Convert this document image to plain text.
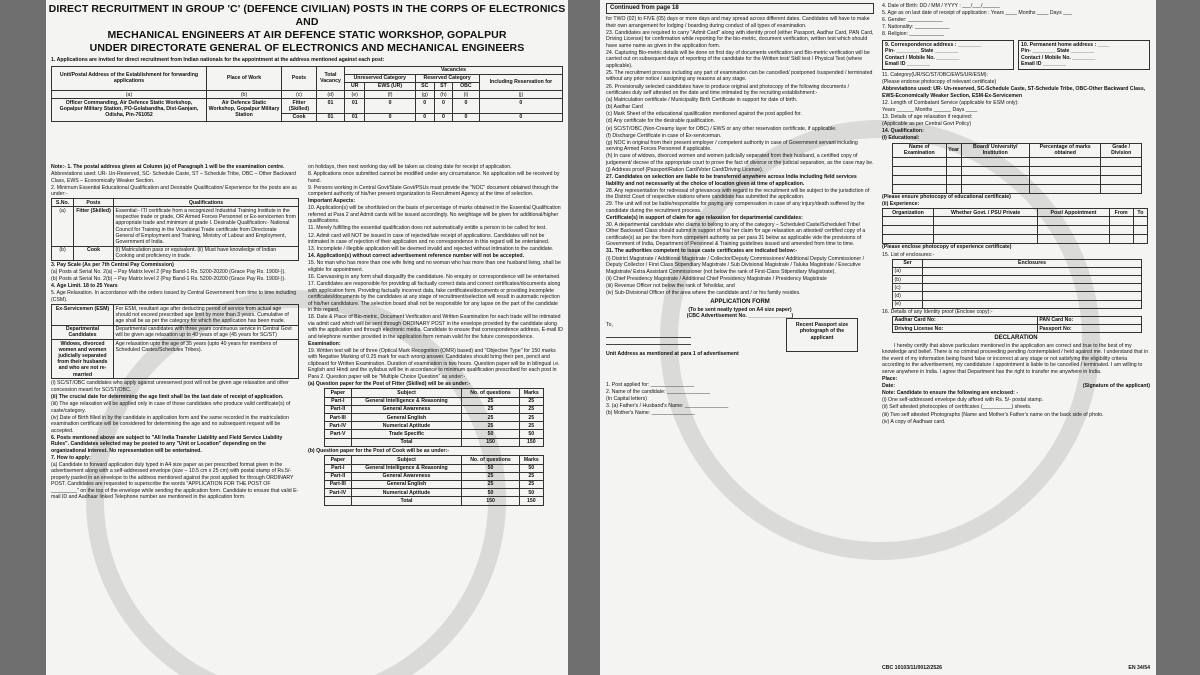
DIRECT RECRUITMENT IN GROUP 'C' (DEFENCE CIVILIAN) POSTS IN THE CORPS OF ELECTRONICS AND
MECHANICAL ENGINEERS AT AIR DEFENCE STATIC WORKSHOP, GOPALPUR
UNDER DIRECTORATE GENERAL OF ELECTRONICS AND MECHANICAL ENGINEERS
1. Applications are invited for direct recruitment from Indian nationals for the appointment at the address mentioned against each post:
Unit/Postal Address of the Establishment for forwarding applications	Place of Work	Posts	Total Vacancy	Vacancies					
				Unreserved Category		Reserved Category			Including Reservation for
				UR	EWS (UR)	SC	ST	OBC	
(a)	(b)	(c)	(d)	(e)	(f)	(g)	(h)	(i)	(j)
Officer Commanding, Air Defence Static Workshop, Gopalpur Military Station, PO-Golabandha, Dist-Ganjam, Odisha, Pin-761052	Air Defence Static Workshop, Gopalpur Military Station	Fitter (Skilled)	01	01	0	0	0	0	0
		Cook	01	01	0	0	0	0	0

Note:- 1. The postal address given at Column (a) of Paragraph 1 will be the examination centre.

Abbreviations used: UR- Un-Reserved, SC- Schedule Caste, ST – Schedule Tribe, OBC – Other Backward Class, EWS – Economically Weaker Section.

2. Minimum Essential Educational Qualification and Desirable Qualification/ Experience for the posts are as under:-

S.No.	Posts	Qualifications
(a)	Fitter (Skilled)	Essential:- ITI certificate from a recognized Industrial Training Institute in the respective trade or grade, OR Armed Forces Personnel or Ex-servicemen from appropriate trade and minimum at grade I. Desirable Qualification:- National Council for Training in the Vocational Trade certificate from Directorate General of Employment and Training, Ministry of Labour and Employment, Government of India.
(b)	Cook	(i) Matriculation pass or equivalent. (ii) Must have knowledge of Indian Cooking and proficiency in trade.

3. Pay Scale (As per 7th Central Pay Commission)

(a) Posts at Serial No. 2(a) – Pay Matrix level 2 (Pay Band-1 Rs. 5200-20200 (Grace Pay Rs. 1900/-)).

(b) Posts at Serial No. 2(b) – Pay Matrix level 2 (Pay Band-1 Rs. 5200-20200 (Grace Pay Rs. 1900/-)).

4. Age Limit. 18 to 25 Years

5. Age Relaxation. In accordance with the orders issued by Central Government from time to time including (CSM).

Ex-Servicemen (ESM)	For ESM, resultant age after deducting period of service from actual age should not exceed prescribed age limit by more than 3 years. Cumulative of age shall be as per the category for which the application has been made.
Departmental Candidates	Departmental candidates with three years continuous service in Central Govt will be given age relaxation up to 40 years of age (45 years for SC/ST)
Widows, divorced women and women judicially separated from their husbands and who are not re-married	Age relaxation upto the age of 35 years (upto 40 years for members of Scheduled Castes/Schedules Tribes).

(i) SC/ST/OBC candidates who apply against unreserved post will not be given age relaxation and other concession meant for SC/ST/OBC.

(ii) The crucial date for determining the age limit shall be the last date of receipt of application.

(iii) The age relaxation will be applied only in case of those candidates who produce valid certificate(s) of caste/category.

(iv) Date of Birth filled in by the candidate in application form and the same recorded in the matriculation examination certificate will be considered for determining the age and no subsequent request will be accepted.

6. Posts mentioned above are subject to "All India Transfer Liability and Field Service Liability Rules". Candidates selected may be posted to any "Unit or Location" depending on the organizational interest. No representation will be entertained.

7. How to apply:

(a) Candidate to forward application duly typed in A4 size paper as per prescribed format given in the advertisement along with a self-addressed envelope (size – 10.5 cm x 25 cm) with postal stamp of Rs.5/- properly pasted in an envelope to the address mentioned against the post applied for through ORDINARY POST. Candidates are requested to superscribe the words "APPLICATION FOR THE POST OF _________" on the top of the envelope while sending the application form. Candidate to ensure that valid E-mail ID and Aadhaar linked Telephone number are mentioned in the application form.

on holidays, then next working day will be taken as closing date for receipt of application.

8. Applications once submitted cannot be modified under any circumstance. No application will be received by hand.

9. Persons working in Central Govt/State Govt/PSUs must provide the "NOC" document obtained through the competent authority of his/her present organization to Recruitment Agency at the time of selection.

Important Aspects:

10. Application(s) will be shortlisted on the basis of percentage of marks obtained in the Essential Qualification referred at Para 2 and Admit cards will be issued accordingly. No weightage will be given for additional/higher qualifications.

11. Merely fulfilling the essential qualification does not automatically entitle a person to be called for test.

12. Admit card will NOT be issued in case of rejected/late receipt of applications. Candidates will not be intimated in case of rejection of their application and no correspondence in this regard will be entertained.

13. Incomplete / illegible application will be deemed invalid and rejected without intimation to the candidate.

14. Application(s) without correct advertisement reference number will not be accepted.

15. No man who has more than one wife living and no woman who has more than one husband living, shall be eligible for appointment.

16. Canvassing in any form shall disqualify the candidature. No enquiry or correspondence will be entertained.

17. Candidates are responsible for providing all factually correct data and correct certificates/documents along with application form. Providing factually incorrect data, fake certificates/documents or providing incomplete certificates/documents by the candidates at any stage of recruitment/selection will result in automatic rejection of his/her candidature. The selection board shall not be responsible for any lapse on the part of the candidate in this regard.

18. Date & Place of Bio-metric, Document Verification and Written Examination for each trade will be intimated via admit card which will be sent through ORDINARY POST in the envelope provided by the candidate along with the application and through electronic media. Candidate to ensure that correspondence address, E-mail ID and telephone number provided in the application form remain valid for the future correspondence.

Examination:

19. Written test will be of three (Optical Mark Recognition (OMR) based) and "Objective Type" for 150 marks with Negative Marking of 0.25 mark for each wrong answer. Candidates should bring their pen, pencil and clipboard for Written Examination. Duration of examination is two hours. Question paper will be in bilingual i.e. English and Hindi and the syllabus will be in accordance to minimum qualification prescribed for each post in Para 2. Question paper will be "Multiple Choice Question" as under:-

(a) Question paper for the Post of Fitter (Skilled) will be as under:-

Paper	Subject	No. of questions	Marks
Part-I	General Intelligence & Reasoning	25	25
Part-II	General Awareness	25	25
Part-III	General English	25	25
Part-IV	Numerical Aptitude	25	25
Part-V	Trade Specific	50	50
	Total	150	150

(b) Question paper for the Post of Cook will be as under:-

Paper	Subject	No. of questions	Marks
Part-I	General Intelligence & Reasoning	50	50
Part-II	General Awareness	25	25
Part-III	General English	25	25
Part-IV	Numerical Aptitude	50	50
	Total	150	150
Continued from page 18

for TWO (02) to FIVE (05) days or more days and may spread across different dates. Candidates will have to make their own arrangement for lodging / boarding during conduct of all types of examination.

23. Candidates are required to carry "Admit Card" along with identity proof (either Passport, Aadhar Card, PAN Card, Driving License) for confirmation while reporting for the bio-metric, document verification, written test which should have same name as given in the application form.

24. Capturing Bio-metric details will be done on first day of documents verification and Bio-metric verification will be carried out on subsequent days of reporting of the candidate for the Written test/ Skill test / Physical Test (where applicable).

25. The recruitment process including any part of examination can be cancelled/ postponed /suspended / terminated without any prior notice / assigning any reasons at any stage.

26. Provisionally selected candidates have to produce original and photocopy of the following documents / certificates duly self attested on the date and time intimated by the recruiting establishment:-

(a) Matriculation certificate / Municipality Birth Certificate in support for date of birth.

(b) Aadhar Card

(c) Mark Sheet of the educational qualification mentioned against the post applied for.

(d) Any certificate for the desirable qualification.

(e) SC/ST/OBC (Non-Creamy layer for OBC) / EWS or any other reservation certificate, if applicable.

(f) Discharge Certificate in case of Ex-serviceman.

(g) NOC in original from their present employer / competent authority in case of Government servant including serving Armed Forces Personnel if applicable.

(h) In case of widows, divorced women and women judicially separated from their husband, a certified copy of judgement/ decree of the appropriate court to prove the fact of divorce or the judicial separation, as the case may be.

(j) Address proof (Passport/Ration Card/Voter Card/Driving License).

27. Candidates on selection are liable to be transferred anywhere across India including field services liability and not necessarily at the choice of location given at time of application.

28. Any representation for redressal of grievances with regard to the recruitment will be subject to the jurisdiction of the District Court of respective stations where candidate has submitted the application.

29. The unit will not be liable/responsible for paying any compensation in case of any injury/death suffered by the candidate during the recruitment process.

Certificate(s) in support of claim for age relaxation for departmental candidates:

30. A departmental candidate who claims to belong to any of the category – Scheduled Caste/Scheduled Tribe/ Other Backward Class should submit in support of his/ her claim for age relaxation an attested/ certified copy of a certificate(s) as per the form from competent authority as per para 31 below as applicable vide the provisions of Government of India, Department of Personnel & Training guidelines issued and amended from time to time.

31. The authorities competent to issue caste certificates are indicated below:-

(i) District Magistrate / Additional Magistrate / Collector/Deputy Commissioner/ Additional Deputy Commissioner / Deputy Collector / First Class Stipendiary Magistrate / Sub Divisional Magistrate / Taluka Magistrate / Executive Magistrate/ Extra Assistant Commissioner (not below the rank of First-Class Stipendiary Magistrate).

(ii) Chief Presidency Magistrate / Additional Chief Presidency Magistrate / Presidency Magistrate

(iii) Revenue Officer not below the rank of Tehsildar, and

(iv) Sub-Divisional Officer of the area where the candidate and / or his family resides.

APPLICATION FORM
(To be sent neatly typed on A4 size paper)
(CBC Advertisement No. _______________)
To,	Recent Passport size photograph of the applicant
Unit Address as mentioned at para 1 of advertisement

1. Post applied for: _______________

2. Name of the candidate: _______________

(In Capital letters)

3. (a) Father's / Husband's Name: _______________

(b) Mother's Name: _______________

4. Date of Birth: DD / MM / YYYY : ___/___/______

5. Age as on last date of receipt of application : Years ____ Months ____ Days ___

6. Gender: ____________

7. Nationality: ____________

8. Religion: ____________

9. Correspondence address : ________
Pin- ________ State ________
Contact / Mobile No. ________
Email ID ________
10. Permanent home address : ____
Pin- ________ State ________
Contact / Mobile No. ________
Email ID ________

11. Category(UR/SC/ST/OBC/EWS/UR/ESM):

(Please endorse photocopy of relevant certificate)

Abbreviations used: UR- Un-reserved, SC-Schedule Caste, ST-Schedule Tribe, OBC-Other Backward Class, EWS-Economically Weaker Section, ESM-Ex-Servicemen

12. Length of Combatant Service (applicable for ESM only):

Years ______ Months ______ Days ____

13. Details of age relaxation if required:

(Applicable as per Central Govt Policy)

14. Qualification:

(i) Educational:

Name of Examination	Year	Board/ University/ Institution	Percentage of marks obtained	Grade / Division

(Please ensure photocopy of educational certificate)

(ii) Experience:

Organization	Whether Govt. / PSU Private	Post/ Appointment	From	To

(Please enclose photocopy of experience certificate)

15. List of enclosures:-

Ser	Enclosures
(a)	
(b)	
(c)	
(d)	
(e)	

16. Details of any Identity proof (Enclose copy):-

Aadhar Card No:	PAN Card No:
Driving License No:	Passport No:
DECLARATION

I hereby certify that above particulars mentioned in the application are correct and true to the best of my knowledge and belief. There is no criminal proceeding pending /contemplated / held against me. I understand that in the event of my information being found false or incorrect at any stage or not satisfying the eligibility criteria according to the advertisement, my candidature / appointment is liable to be cancelled / terminated. I am willing to serve anywhere in India. I agree that Department has the right to transfer me anywhere in India.

Place:

Date:	(Signature of the applicant)

Note: Candidate to ensure the following are enclosed: -

(i) One self-addressed envelope duly affixed with Rs. 5/- postal stamp.

(ii) Self attested photocopies of certificates (__________) sheets.

(iii) Two self attested Photographs (Name and Mother's Father's name on the back side of photo.

(iv) A copy of Aadhaar card.

CBC 10103/11/0012/2526	EN 34/54
